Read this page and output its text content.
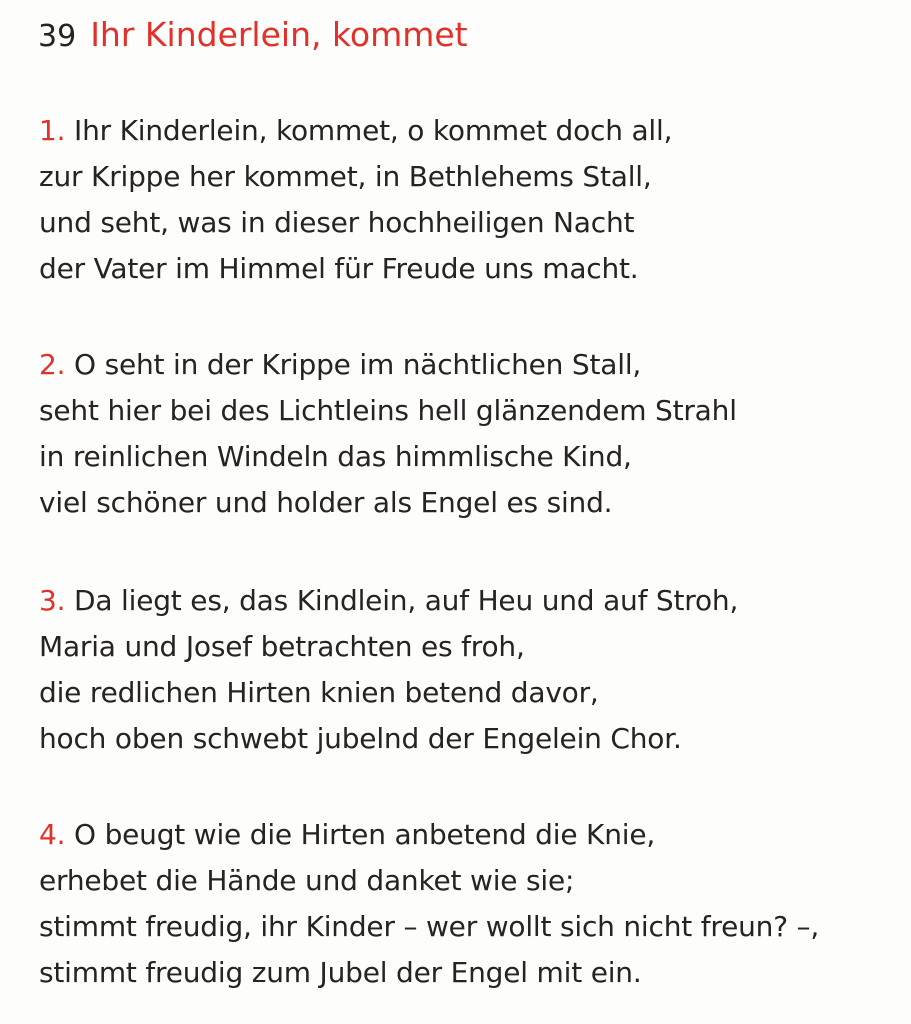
39 Ihr Kinderlein, kommet
1. Ihr Kinderlein, kommet, o kommet doch all,
zur Krippe her kommet, in Bethlehems Stall,
und seht, was in dieser hochheiligen Nacht
der Vater im Himmel für Freude uns macht.
2. O seht in der Krippe im nächtlichen Stall,
seht hier bei des Lichtleins hell glänzendem Strahl
in reinlichen Windeln das himmlische Kind,
viel schöner und holder als Engel es sind.
3. Da liegt es, das Kindlein, auf Heu und auf Stroh,
Maria und Josef betrachten es froh,
die redlichen Hirten knien betend davor,
hoch oben schwebt jubelnd der Engelein Chor.
4. O beugt wie die Hirten anbetend die Knie,
erhebet die Hände und danket wie sie;
stimmt freudig, ihr Kinder – wer wollt sich nicht freun? –,
stimmt freudig zum Jubel der Engel mit ein.
